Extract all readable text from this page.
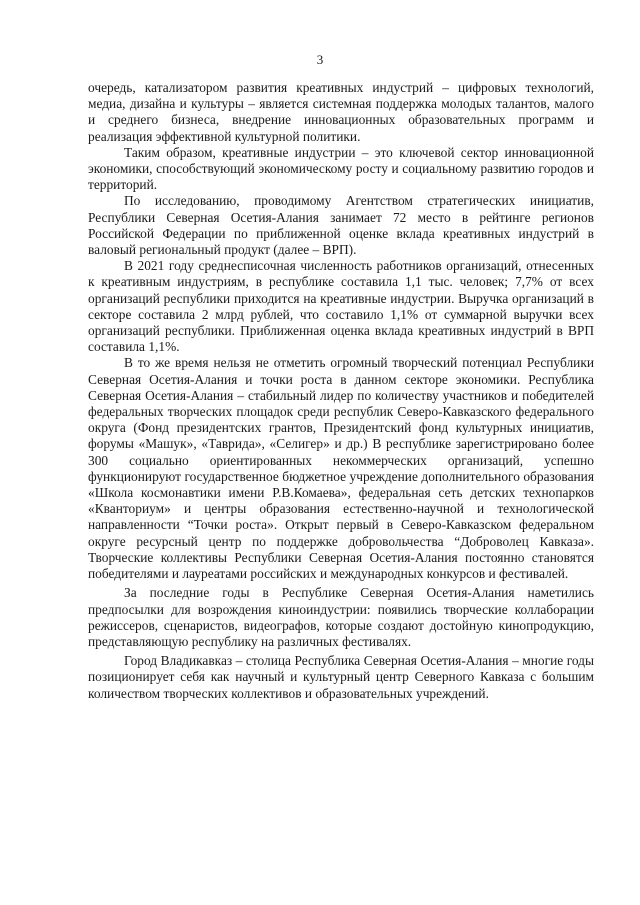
3

очередь, катализатором развития креативных индустрий – цифровых технологий, медиа, дизайна и культуры – является системная поддержка молодых талантов, малого и среднего бизнеса, внедрение инновационных образовательных программ и реализация эффективной культурной политики.

Таким образом, креативные индустрии – это ключевой сектор инновационной экономики, способствующий экономическому росту и социальному развитию городов и территорий.

По исследованию, проводимому Агентством стратегических инициатив, Республики Северная Осетия-Алания занимает 72 место в рейтинге регионов Российской Федерации по приближенной оценке вклада креативных индустрий в валовый региональный продукт (далее – ВРП).

В 2021 году среднесписочная численность работников организаций, отнесенных к креативным индустриям, в республике составила 1,1 тыс. человек; 7,7% от всех организаций республики приходится на креативные индустрии. Выручка организаций в секторе составила 2 млрд рублей, что составило 1,1% от суммарной выручки всех организаций республики. Приближенная оценка вклада креативных индустрий в ВРП составила 1,1%.

В то же время нельзя не отметить огромный творческий потенциал Республики Северная Осетия-Алания и точки роста в данном секторе экономики. Республика Северная Осетия-Алания – стабильный лидер по количеству участников и победителей федеральных творческих площадок среди республик Северо-Кавказского федерального округа (Фонд президентских грантов, Президентский фонд культурных инициатив, форумы «Машук», «Таврида», «Селигер» и др.) В республике зарегистрировано более 300 социально ориентированных некоммерческих организаций, успешно функционируют государственное бюджетное учреждение дополнительного образования «Школа космонавтики имени Р.В.Комаева», федеральная сеть детских технопарков «Кванториум» и центры образования естественно-научной и технологической направленности “Точки роста». Открыт первый в Северо-Кавказском федеральном округе ресурсный центр по поддержке добровольчества “Доброволец Кавказа». Творческие коллективы Республики Северная Осетия-Алания постоянно становятся победителями и лауреатами российских и международных конкурсов и фестивалей.

За последние годы в Республике Северная Осетия-Алания наметились предпосылки для возрождения киноиндустрии: появились творческие коллаборации режиссеров, сценаристов, видеографов, которые создают достойную кинопродукцию, представляющую республику на различных фестивалях.

Город Владикавказ – столица Республика Северная Осетия-Алания – многие годы позиционирует себя как научный и культурный центр Северного Кавказа с большим количеством творческих коллективов и образовательных учреждений.
